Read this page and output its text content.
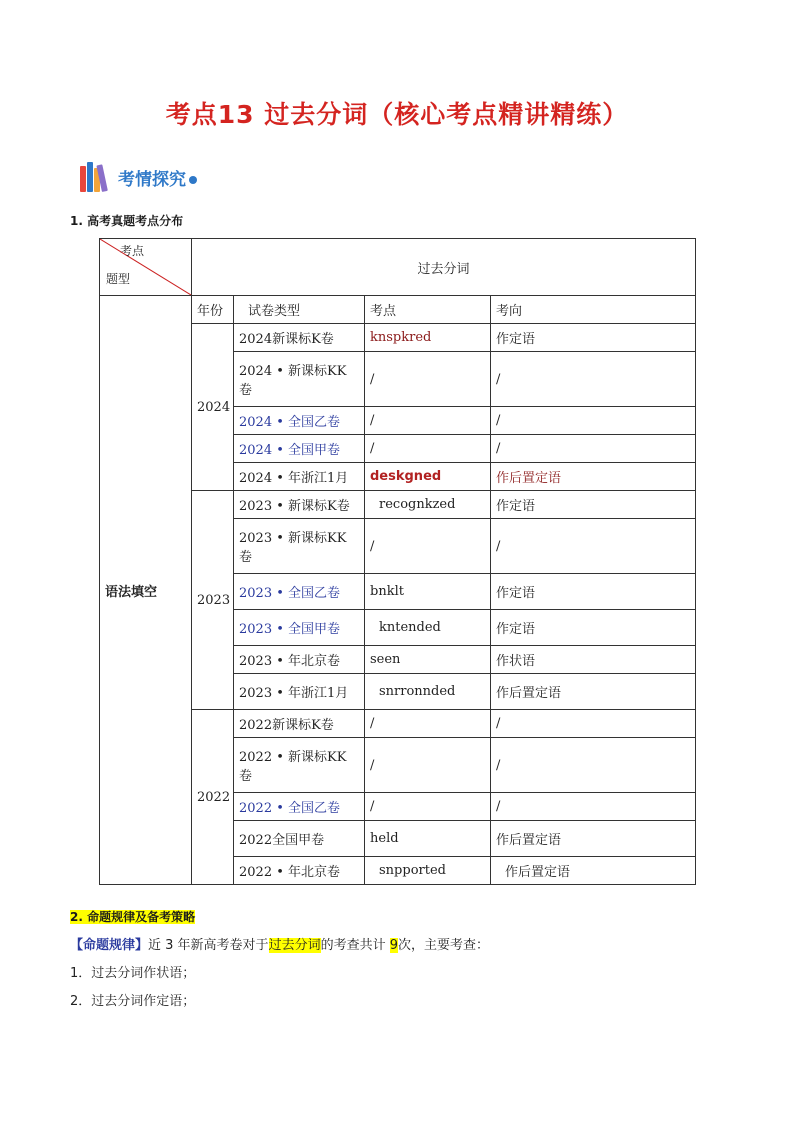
考点13 过去分词（核心考点精讲精练）
考情探究
1. 高考真题考点分布
考点
题型	过去分词			
语法填空	年份	试卷类型	考点	考向
	2024	2024新课标K卷	knspkred	作定语
		2024 • 新课标KK卷	/	/
		2024 • 全国乙卷	/	/
		2024 • 全国甲卷	/	/
		2024 • 年浙江1月	deskgned	作后置定语
	2023	2023 • 新课标K卷	recognkzed	作定语
		2023 • 新课标KK卷	/	/
		2023 • 全国乙卷	bnklt	作定语
		2023 • 全国甲卷	kntended	作定语
		2023 • 年北京卷	seen	作状语
		2023 • 年浙江1月	snrronnded	作后置定语
	2022	2022新课标K卷	/	/
		2022 • 新课标KK卷	/	/
		2022 • 全国乙卷	/	/
		2022全国甲卷	held	作后置定语
		2022 • 年北京卷	snpported	作后置定语
2. 命题规律及备考策略
【命题规律】近 3 年新高考卷对于过去分词的考查共计 9次，主要考查：
1．过去分词作状语；
2．过去分词作定语；
